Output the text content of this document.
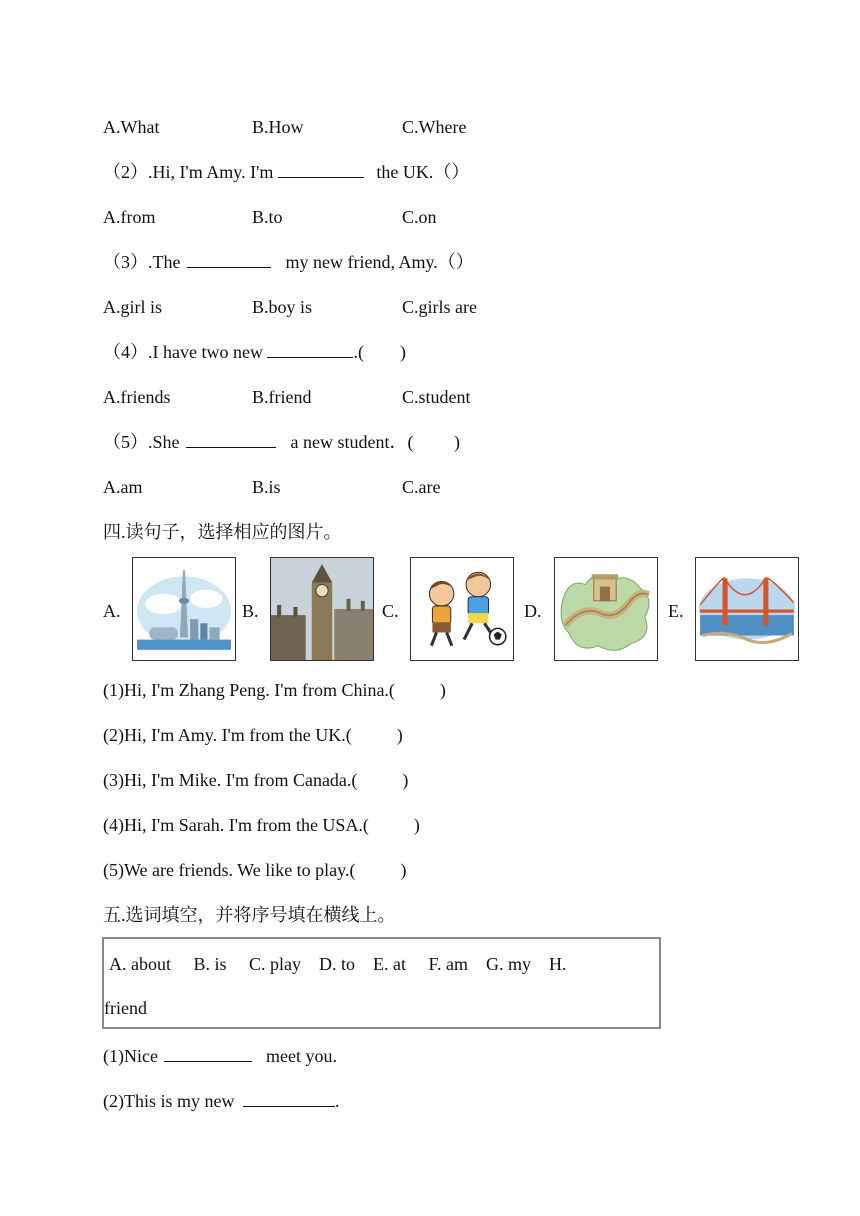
A.What	B.How	C.Where
（2）.Hi, I'm Amy. I'm	the UK.（）
A.from	B.to	C.on
（3）.The	my new friend, Amy.（）
A.girl is	B.boy is	C.girls are
（4）.I have two new	.(        )
A.friends	B.friend	C.student
（5）.She	a new student．(         )
A.am	B.is	C.are
四.读句子，选择相应的图片。
A.	B.	C.	D.	E.
(1)Hi, I'm Zhang Peng. I'm from China.(          )
(2)Hi, I'm Amy. I'm from the UK.(          )
(3)Hi, I'm Mike. I'm from Canada.(          )
(4)Hi, I'm Sarah. I'm from the USA.(          )
(5)We are friends. We like to play.(          )
五.选词填空，并将序号填在横线上。
A. about     B. is     C. play    D. to    E. at     F. am    G. my    H.
friend
(1)Nice	meet you.
(2)This is my new	.
